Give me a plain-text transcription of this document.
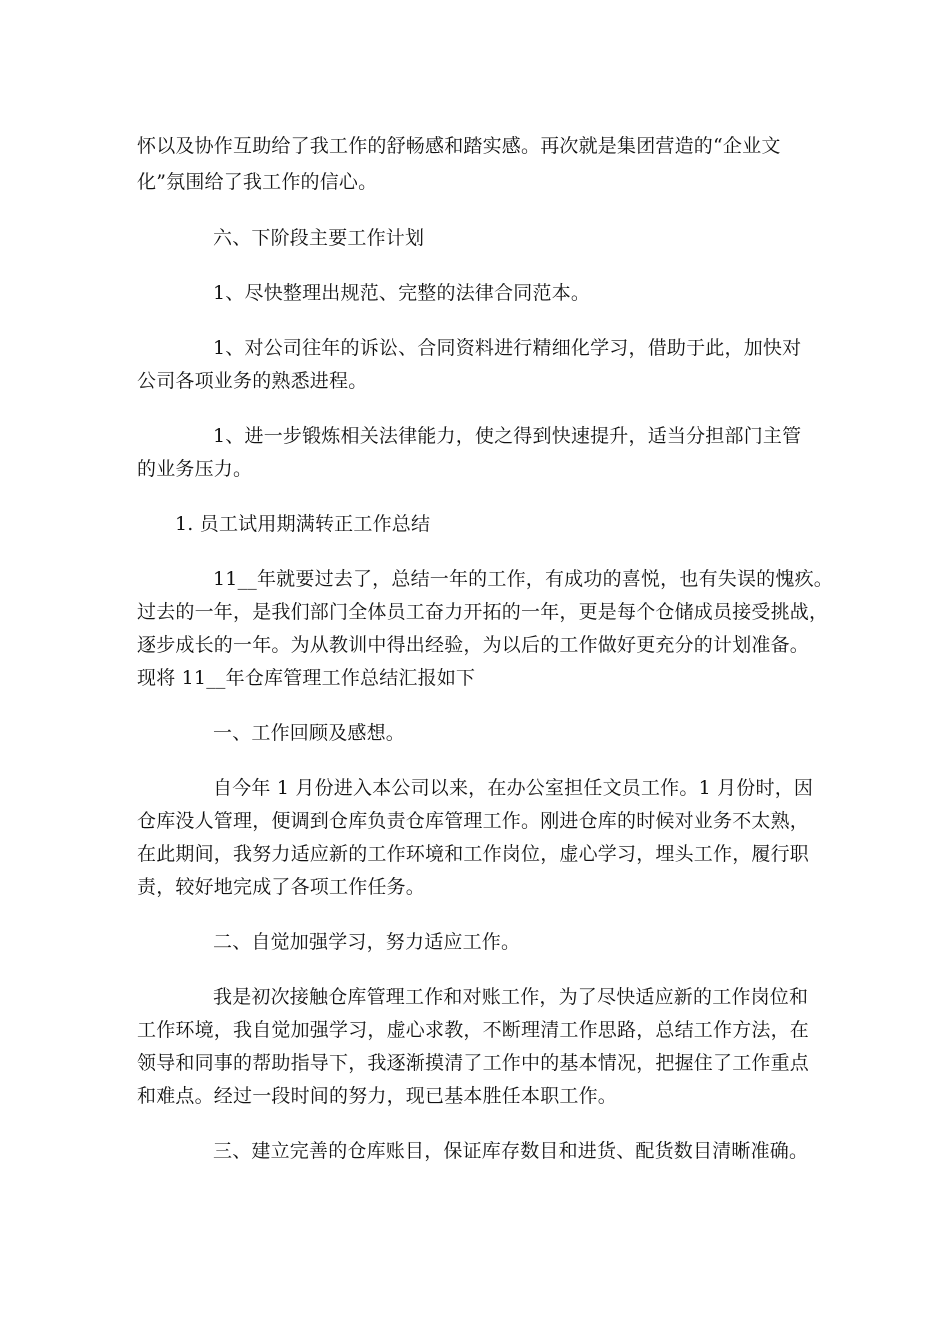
怀以及协作互助给了我工作的舒畅感和踏实感。再次就是集团营造的“企业文
化”氛围给了我工作的信心。
六、下阶段主要工作计划
1、尽快整理出规范、完整的法律合同范本。
1、对公司往年的诉讼、合同资料进行精细化学习，借助于此，加快对
公司各项业务的熟悉进程。
1、进一步锻炼相关法律能力，使之得到快速提升，适当分担部门主管
的业务压力。
1. 员工试用期满转正工作总结
11__年就要过去了，总结一年的工作，有成功的喜悦，也有失误的愧疚。
过去的一年，是我们部门全体员工奋力开拓的一年，更是每个仓储成员接受挑战，
逐步成长的一年。为从教训中得出经验，为以后的工作做好更充分的计划准备。
现将 11__年仓库管理工作总结汇报如下
一、工作回顾及感想。
自今年 1 月份进入本公司以来，在办公室担任文员工作。1 月份时，因
仓库没人管理，便调到仓库负责仓库管理工作。刚进仓库的时候对业务不太熟，
在此期间，我努力适应新的工作环境和工作岗位，虚心学习，埋头工作，履行职
责，较好地完成了各项工作任务。
二、自觉加强学习，努力适应工作。
我是初次接触仓库管理工作和对账工作，为了尽快适应新的工作岗位和
工作环境，我自觉加强学习，虚心求教，不断理清工作思路，总结工作方法，在
领导和同事的帮助指导下，我逐渐摸清了工作中的基本情况，把握住了工作重点
和难点。经过一段时间的努力，现已基本胜任本职工作。
三、建立完善的仓库账目，保证库存数目和进货、配货数目清晰准确。
